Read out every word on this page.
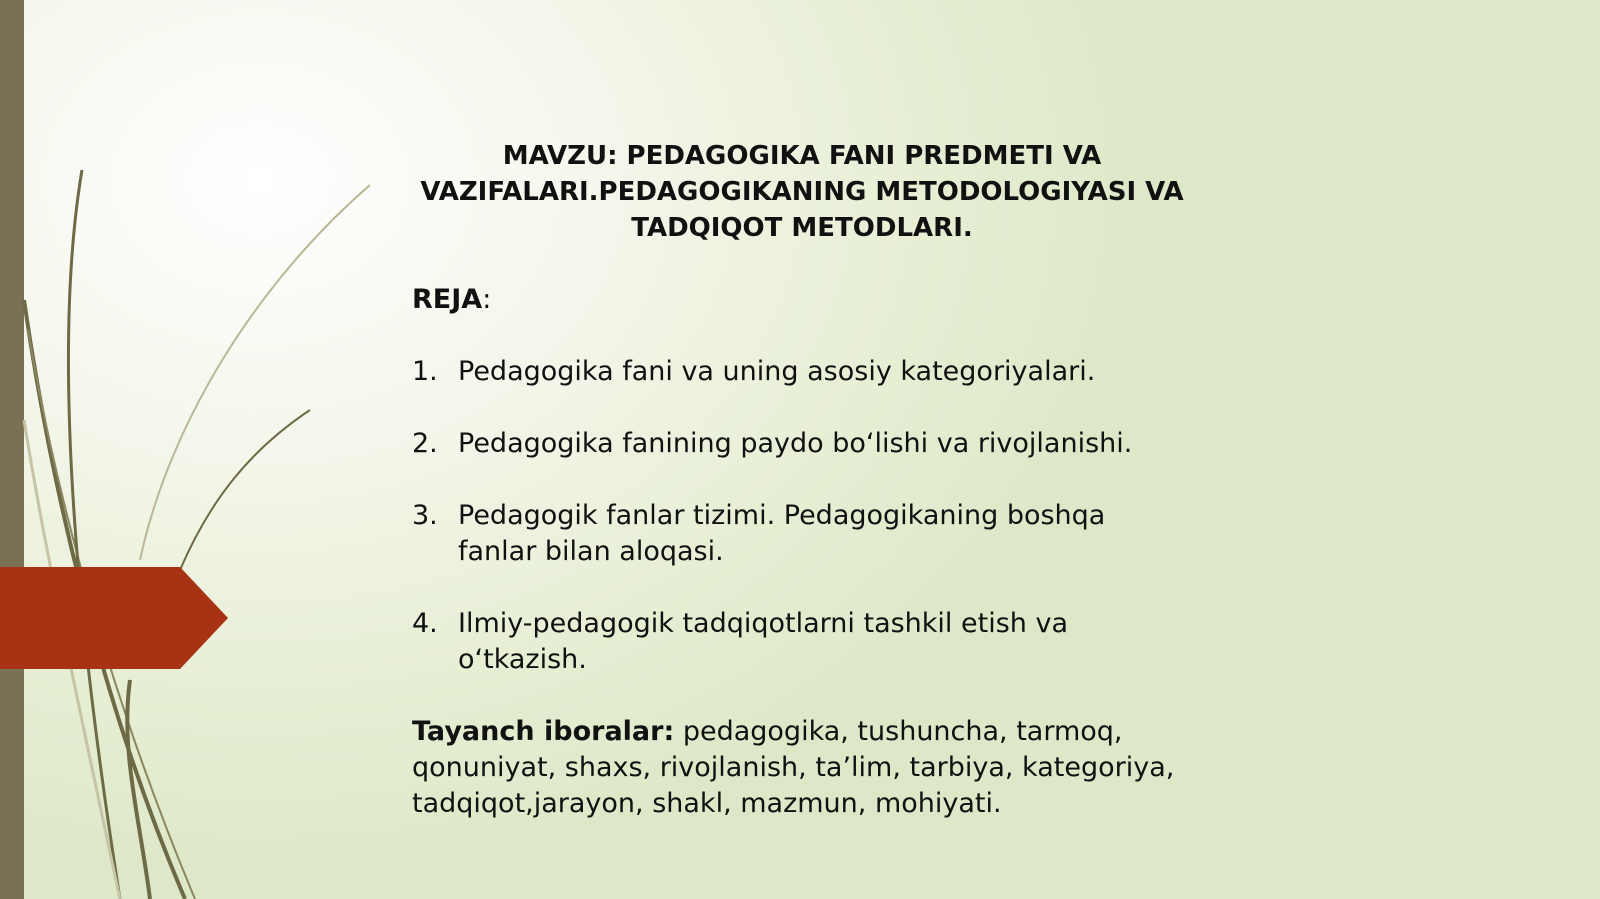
MAVZU: PEDAGOGIKA FANI PREDMETI VA VAZIFALARI.PEDAGOGIKANING METODOLOGIYASI VA TADQIQOT METODLARI.
REJA:
1. Pedagogika fani va uning asosiy kategoriyalari.
2. Pedagogika fanining paydo bo‘lishi va rivojlanishi.
3. Pedagogik fanlar tizimi. Pedagogikaning boshqa fanlar bilan aloqasi.
4. Ilmiy-pedagogik tadqiqotlarni tashkil etish va o‘tkazish.

Tayanch iboralar: pedagogika, tushuncha, tarmoq, qonuniyat, shaxs, rivojlanish, ta’lim, tarbiya, kategoriya, tadqiqot,jarayon, shakl, mazmun, mohiyati.
